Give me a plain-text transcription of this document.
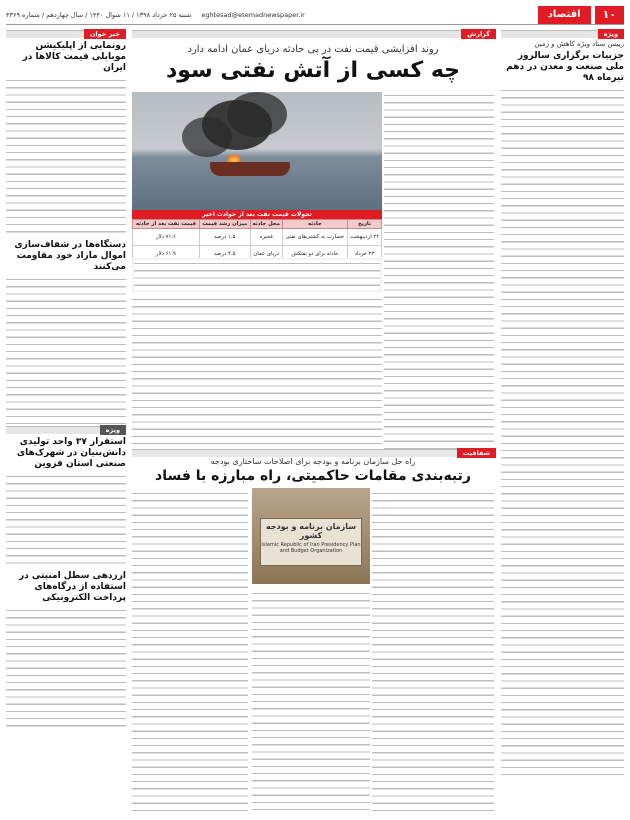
١٠
اقتصاد
eghtesad@etemadnewspaper.ir
شنبه ۲۵ خرداد ۱۳۹۸ / ۱۱ شوال ۱۴۴۰ / سال چهاردهم / شماره ۴۳۶۹
ویژه
رییس ستاد ویژه کاهش و زمین
جزییات برگزاری سالروز ملی صنعت و معدن در دهم تیرماه ۹۸
خبر خوان
رونمایی از اپلیکیشن موبایلی قیمت کالاها در ایران
دستگاه‌ها در شفاف‌سازی اموال مازاد خود مقاومت می‌کنند
ویژه
استقرار ۳۷ واحد تولیدی دانش‌بنیان در شهرک‌های صنعتی استان قزوین
ارزدهی سطل امنیتی در استفاده از درگاه‌های پرداخت الکترونیکی
گزارش
روند افزایشی قیمت نفت در پی حادثه دریای عمان ادامه دارد
چه کسی از آتش نفتی سود
تحولات قیمت نفت بعد از حوادث اخیر
تاریخ	حادثه	محل حادثه	میزان رشد قیمت	قیمت نفت بعد از حادثه
۲۲ اردیبهشت	خسارت به کشتی‌های نفتی	فجیره	۱.۵ درصد	۷۱.۶ دلار
۲۳ خرداد	حادثه برای دو نفتکش	دریای عمان	۴.۵ درصد	۶۱.۹ دلار
شفافیت
راه حل سازمان برنامه و بودجه برای اصلاحات ساختاری بودجه
رتبه‌بندی مقامات حاکمیتی، راه مبارزه با فساد
سازمان برنامه و بودجه کشور
Islamic Republic of Iran Presidency Plan and Budget Organization
